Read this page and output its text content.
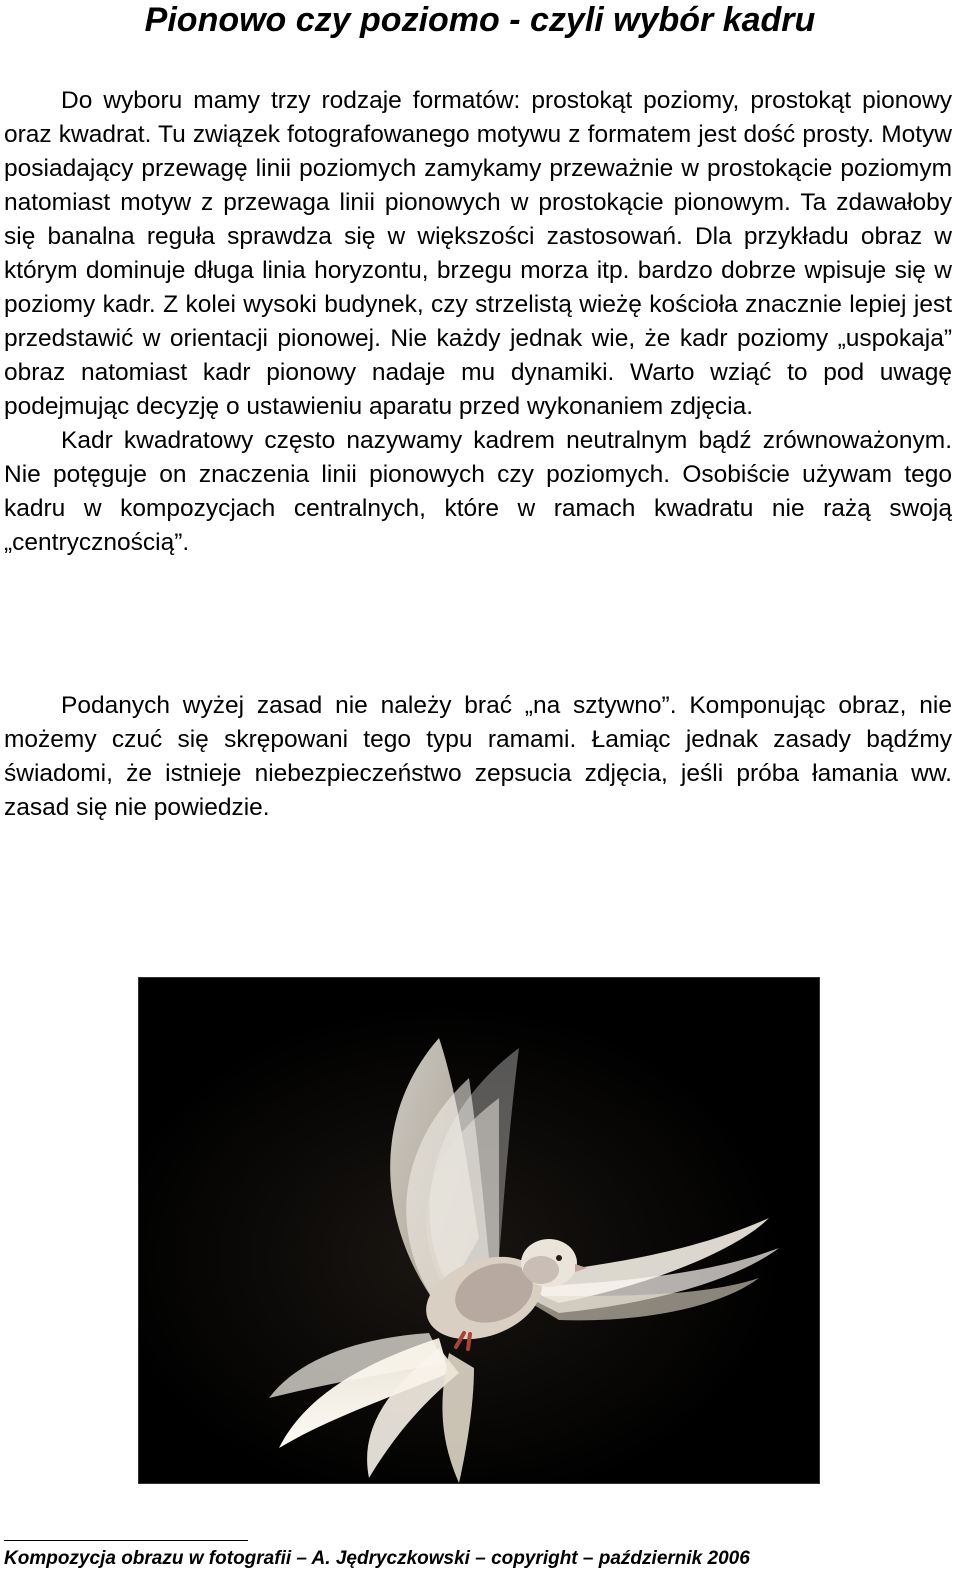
Pionowo czy poziomo - czyli wybór kadru

Do wyboru mamy trzy rodzaje formatów: prostokąt poziomy, prostokąt pionowy oraz kwadrat. Tu związek fotografowanego motywu z formatem jest dość prosty. Motyw posiadający przewagę linii poziomych zamykamy przeważnie w prostokącie poziomym natomiast motyw z przewaga linii pionowych w prostokącie pionowym. Ta zdawałoby się banalna reguła sprawdza się w większości zastosowań. Dla przykładu obraz w którym dominuje długa linia horyzontu, brzegu morza itp. bardzo dobrze wpisuje się w poziomy kadr. Z kolei wysoki budynek, czy strzelistą wieżę kościoła znacznie lepiej jest przedstawić w orientacji pionowej. Nie każdy jednak wie, że kadr poziomy „uspokaja” obraz natomiast kadr pionowy nadaje mu dynamiki. Warto wziąć to pod uwagę podejmując decyzję o ustawieniu aparatu przed wykonaniem zdjęcia.

Kadr kwadratowy często nazywamy kadrem neutralnym bądź zrównoważonym. Nie potęguje on znaczenia linii pionowych czy poziomych. Osobiście używam tego kadru w kompozycjach centralnych, które w ramach kwadratu nie rażą swoją „centrycznością”.

Podanych wyżej zasad nie należy brać „na sztywno”. Komponując obraz, nie możemy czuć się skrępowani tego typu ramami. Łamiąc jednak zasady bądźmy świadomi, że istnieje niebezpieczeństwo zepsucia zdjęcia, jeśli próba łamania ww. zasad się nie powiedzie.

Kompozycja obrazu w fotografii – A. Jędryczkowski – copyright – październik 2006
